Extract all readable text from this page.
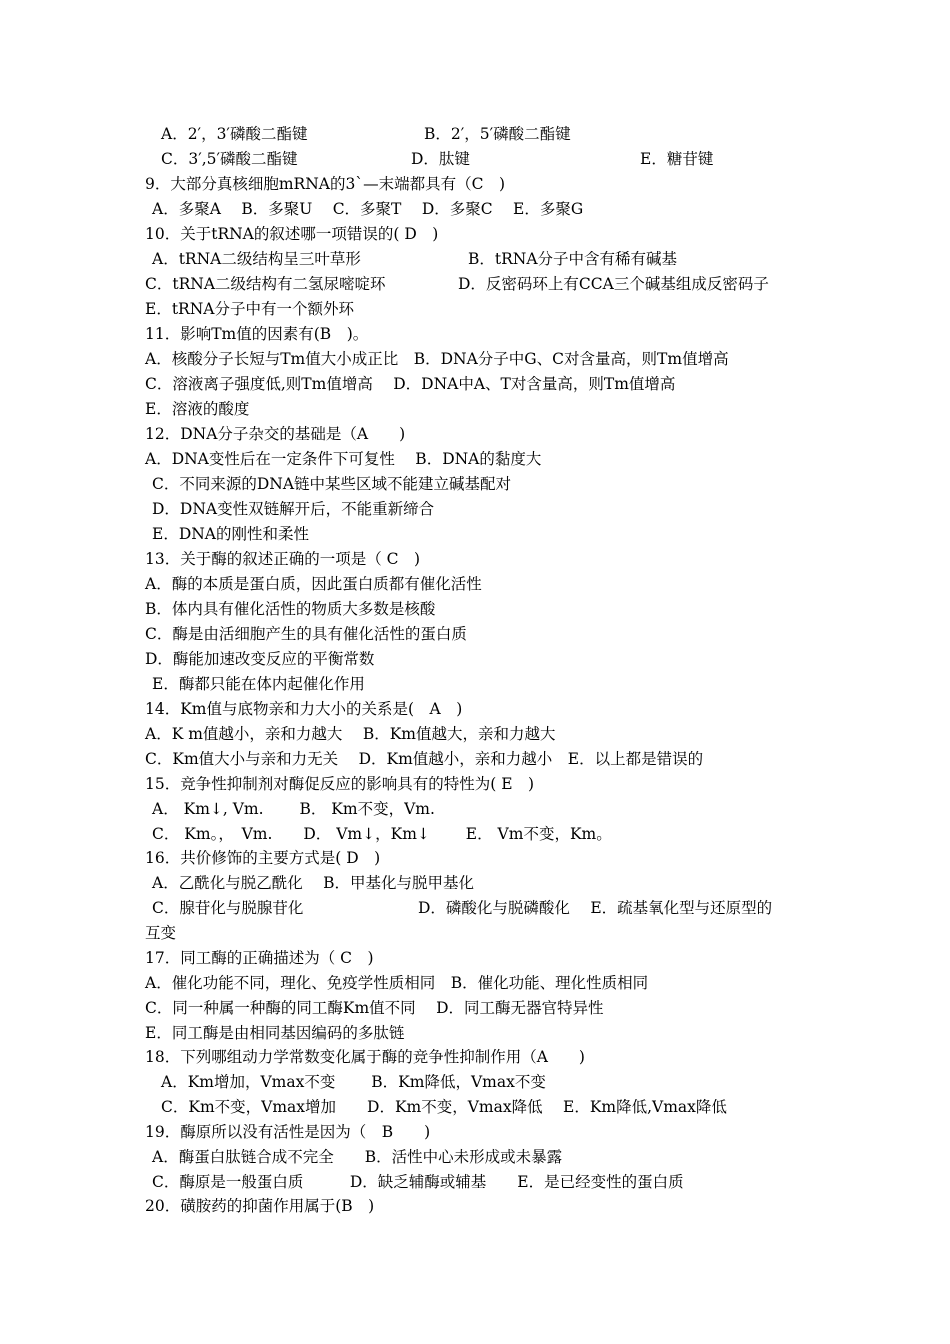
A．2′，3′磷酸二酯键	B．2′，5′磷酸二酯键
C．3′,5′磷酸二酯键	D．肽键	E．糖苷键
9．大部分真核细胞mRNA的3`—末端都具有（C　)
A．多聚A　 B．多聚U　 C．多聚T　 D．多聚C　 E．多聚G
10．关于tRNA的叙述哪一项错误的( D　)
A．tRNA二级结构呈三叶草形	B．tRNA分子中含有稀有碱基
C．tRNA二级结构有二氢尿嘧啶环	D．反密码环上有CCA三个碱基组成反密码子
E．tRNA分子中有一个额外环
11．影响Tm值的因素有(B　)。
A．核酸分子长短与Tm值大小成正比　B．DNA分子中G、C对含量高，则Tm值增高
C．溶液离子强度低,则Tm值增高　 D．DNA中A、T对含量高，则Tm值增高
E．溶液的酸度
12．DNA分子杂交的基础是（A　　)
A．DNA变性后在一定条件下可复性　 B．DNA的黏度大
C．不同来源的DNA链中某些区域不能建立碱基配对
D．DNA变性双链解开后，不能重新缔合
E．DNA的刚性和柔性
13．关于酶的叙述正确的一项是（ C　)
A．酶的本质是蛋白质，因此蛋白质都有催化活性
B．体内具有催化活性的物质大多数是核酸
C．酶是由活细胞产生的具有催化活性的蛋白质
D．酶能加速改变反应的平衡常数
E．酶都只能在体内起催化作用
14．Km值与底物亲和力大小的关系是(　A　)
A．K m值越小，亲和力越大　 B．Km值越大，亲和力越大
C．Km值大小与亲和力无关　 D．Km值越小，亲和力越小　E．以上都是错误的
15．竞争性抑制剂对酶促反应的影响具有的特性为( E　)
A． Km↓, Vm.　　 B． Km不变，Vm.
C． Km。，　Vm.　　D． Vm↓，Km↓　　 E． Vm不变，Km。
16．共价修饰的主要方式是( D　)
A．乙酰化与脱乙酰化　 B．甲基化与脱甲基化
C．腺苷化与脱腺苷化	D．磷酸化与脱磷酸化　 E．疏基氧化型与还原型的
互变
17．同工酶的正确描述为（ C　)
A．催化功能不同，理化、免疫学性质相同　B．催化功能、理化性质相同
C．同一种属一种酶的同工酶Km值不同　 D．同工酶无器官特异性
E．同工酶是由相同基因编码的多肽链
18．下列哪组动力学常数变化属于酶的竞争性抑制作用（A　　)
A．Km增加，Vmax不变　　 B．Km降低，Vmax不变
C．Km不变，Vmax增加　　D．Km不变，Vmax降低　 E．Km降低,Vmax降低
19．酶原所以没有活性是因为（　B　　)
A．酶蛋白肽链合成不完全　　B．活性中心未形成或未暴露
C．酶原是一般蛋白质　　　D．缺乏辅酶或辅基　　E．是已经变性的蛋白质
20．磺胺药的抑菌作用属于(B　)
